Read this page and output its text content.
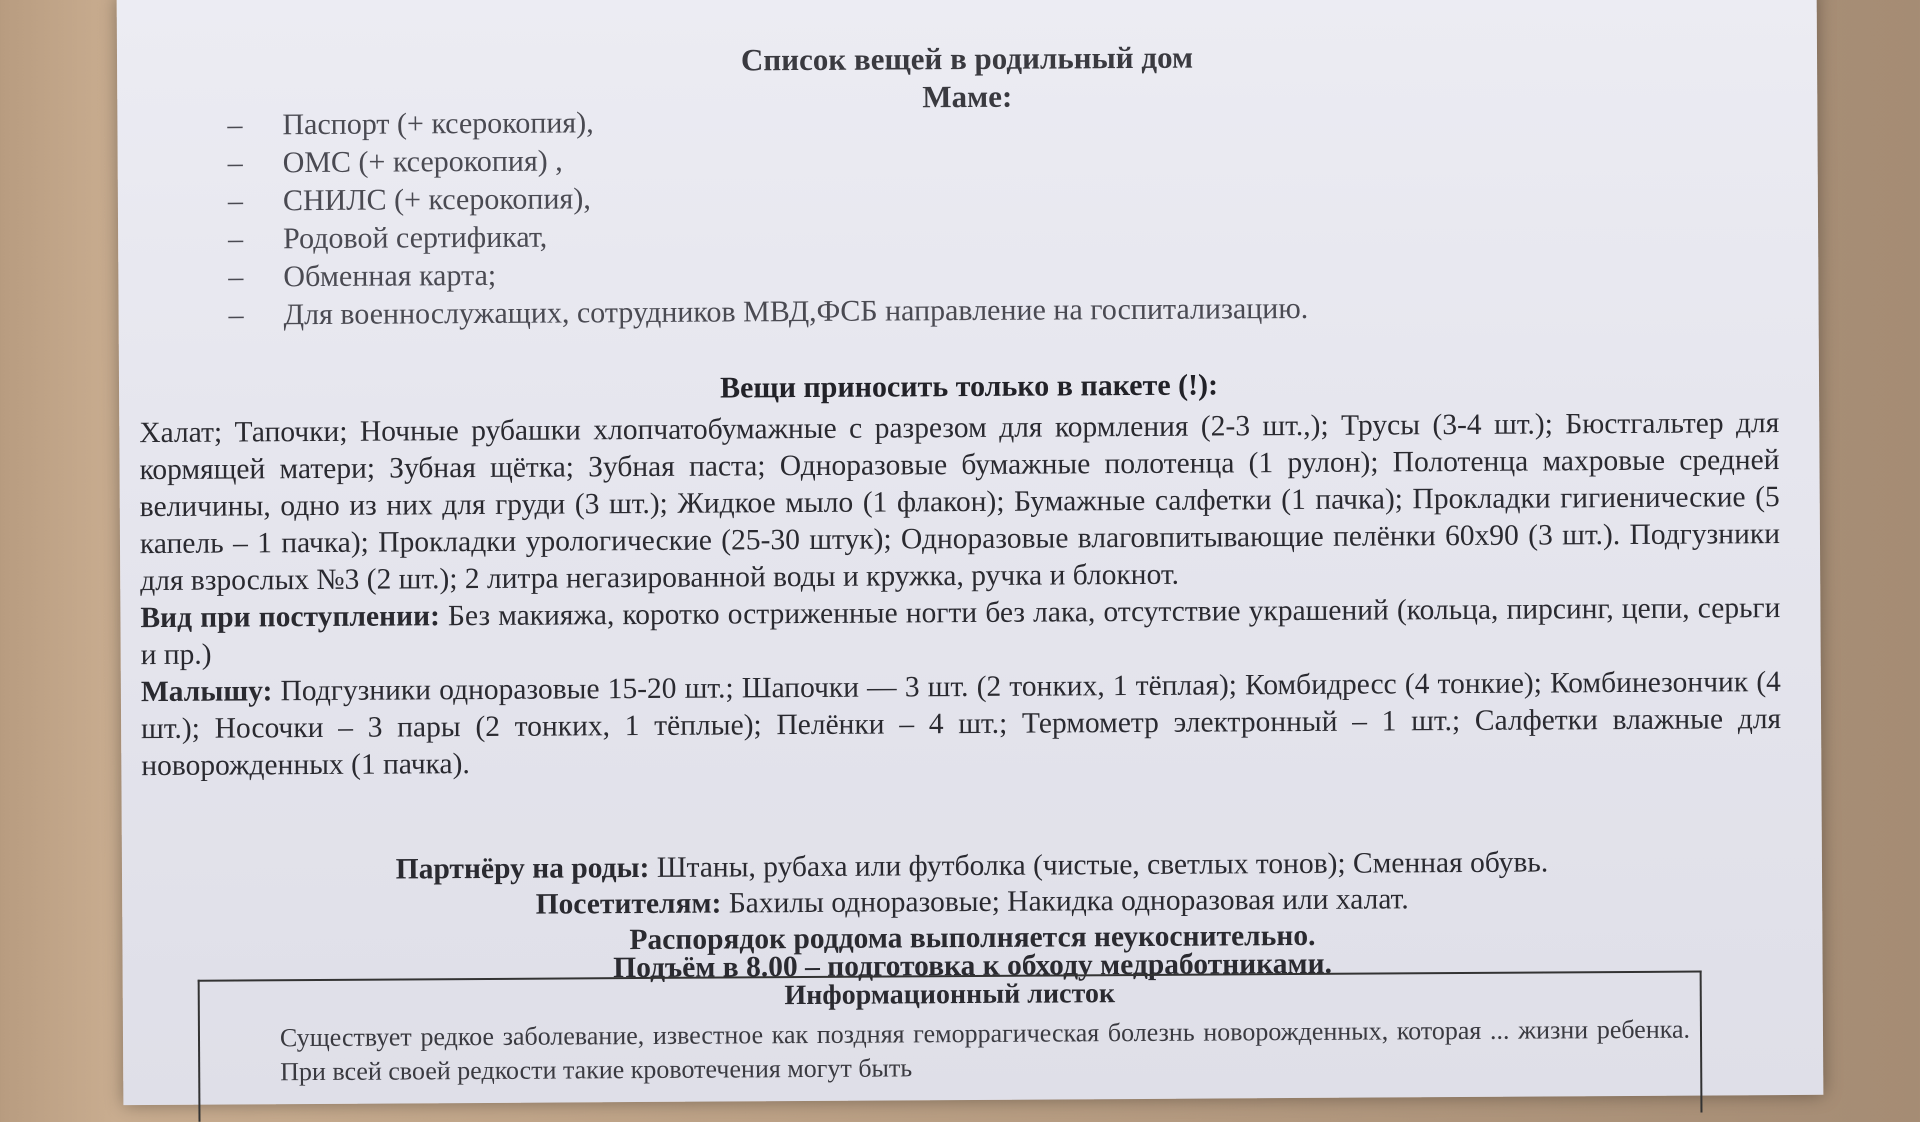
Список вещей в родильный дом
Маме:
–	Паспорт (+ ксерокопия),
–	ОМС (+ ксерокопия) ,
–	СНИЛС (+ ксерокопия),
–	Родовой сертификат,
–	Обменная карта;
–	Для военнослужащих, сотрудников МВД,ФСБ направление на госпитализацию.
Вещи приносить только в пакете (!):

Халат; Тапочки; Ночные рубашки хлопчатобумажные с разрезом для кормления (2-3 шт.,); Трусы (3-4 шт.); Бюстгальтер для кормящей матери; Зубная щётка; Зубная паста; Одноразовые бумажные полотенца (1 рулон); Полотенца махровые средней величины, одно из них для груди (3 шт.); Жидкое мыло (1 флакон); Бумажные салфетки (1 пачка); Прокладки гигиенические (5 капель – 1 пачка); Прокладки урологические (25-30 штук); Одноразовые влаговпитывающие пелёнки 60х90 (3 шт.). Подгузники для взрослых №3 (2 шт.); 2 литра негазированной воды и кружка, ручка и блокнот.

Вид при поступлении: Без макияжа, коротко остриженные ногти без лака, отсутствие украшений (кольца, пирсинг, цепи, серьги и пр.)

Малышу: Подгузники одноразовые 15-20 шт.; Шапочки — 3 шт. (2 тонких, 1 тёплая); Комбидресс (4 тонкие); Комбинезончик (4 шт.); Носочки – 3 пары (2 тонких, 1 тёплые); Пелёнки – 4 шт.; Термометр электронный – 1 шт.; Салфетки влажные для новорожденных (1 пачка).

Партнёру на роды: Штаны, рубаха или футболка (чистые, светлых тонов); Сменная обувь.
Посетителям: Бахилы одноразовые; Накидка одноразовая или халат.
Распорядок роддома выполняется неукоснительно.
Подъём в 8.00 – подготовка к обходу медработниками.
Информационный листок
Существует редкое заболевание, известное как поздняя геморрагическая болезнь новорожденных, которая ... жизни ребенка. При всей своей редкости такие кровотечения могут быть
